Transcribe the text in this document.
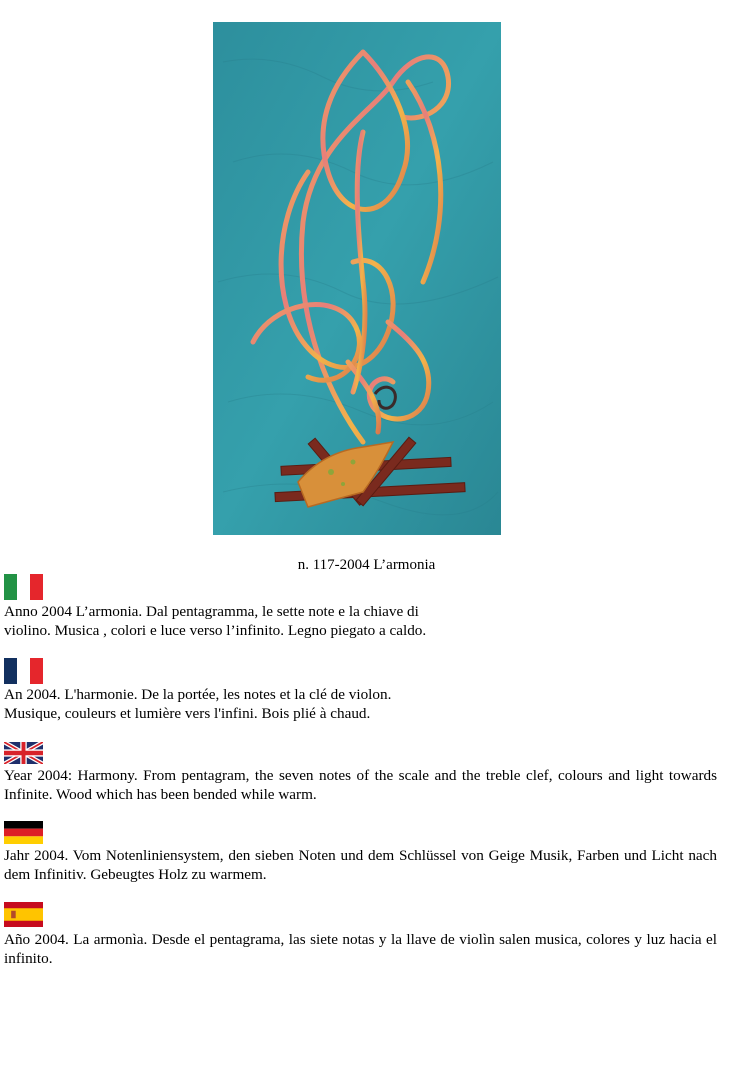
n. 117-2004 L’armonia

Anno 2004 L’armonia. Dal pentagramma, le sette note e la chiave di

violino. Musica , colori e luce verso l’infinito. Legno piegato a caldo.

An 2004. L'harmonie. De la portée, les notes et la clé de violon.

Musique, couleurs et lumière vers l'infini. Bois plié à chaud.

Year 2004: Harmony. From pentagram, the seven notes of the scale and the treble clef, colours and light towards Infinite. Wood which has been bended while warm.

Jahr 2004. Vom Notenliniensystem, den sieben Noten und dem Schlüssel von Geige Musik, Farben und Licht nach dem Infinitiv. Gebeugtes Holz zu warmem.

Año 2004. La armonìa. Desde el pentagrama, las siete notas y la llave de violìn salen musica, colores y luz hacia el infinito.
